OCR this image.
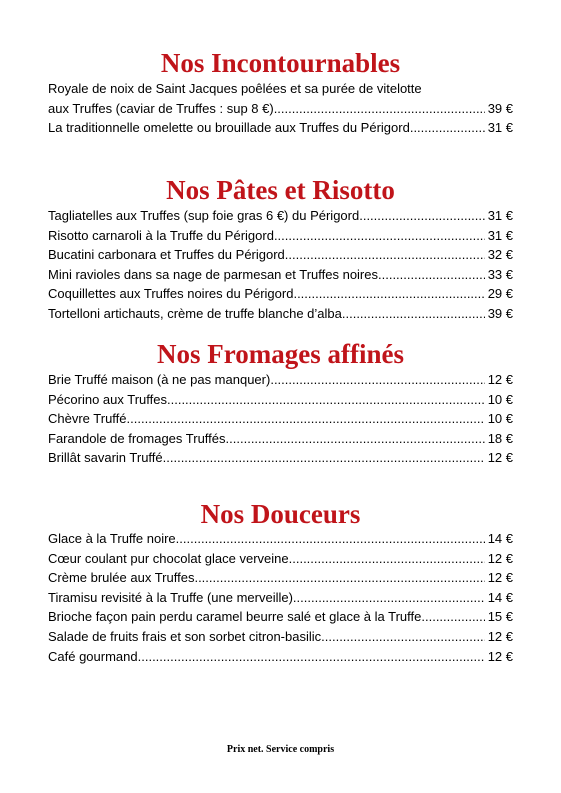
Nos Incontournables
Royale de noix de Saint Jacques poêlées et sa purée de vitelotte
aux Truffes (caviar de Truffes : sup 8 €) .....	39 €
La traditionnelle omelette ou brouillade aux Truffes du Périgord .....	31 €
Nos Pâtes et Risotto
Tagliatelles aux Truffes (sup foie gras 6 €) du Périgord .....	31 €
Risotto carnaroli à la Truffe du Périgord .....	31 €
Bucatini carbonara et Truffes du Périgord .....	32 €
Mini ravioles dans sa nage de parmesan et Truffes noires .....	33 €
Coquillettes aux Truffes noires du Périgord .....	29 €
Tortelloni artichauts, crème de truffe blanche d’alba .....	39 €
Nos Fromages affinés
Brie Truffé maison (à ne pas manquer) .....	12 €
Pécorino aux Truffes .....	10 €
Chèvre Truffé .....	10 €
Farandole de fromages Truffés .....	18 €
Brillât savarin Truffé .....	12 €
Nos Douceurs
Glace à la Truffe noire .....	14 €
Cœur coulant pur chocolat glace verveine .....	12 €
Crème brulée aux Truffes .....	12 €
Tiramisu revisité à la Truffe (une merveille) .....	14 €
Brioche façon pain perdu caramel beurre salé et glace à la Truffe .....	15 €
Salade de fruits frais et son sorbet citron-basilic .....	12 €
Café gourmand .....	12 €
Prix net. Service compris
